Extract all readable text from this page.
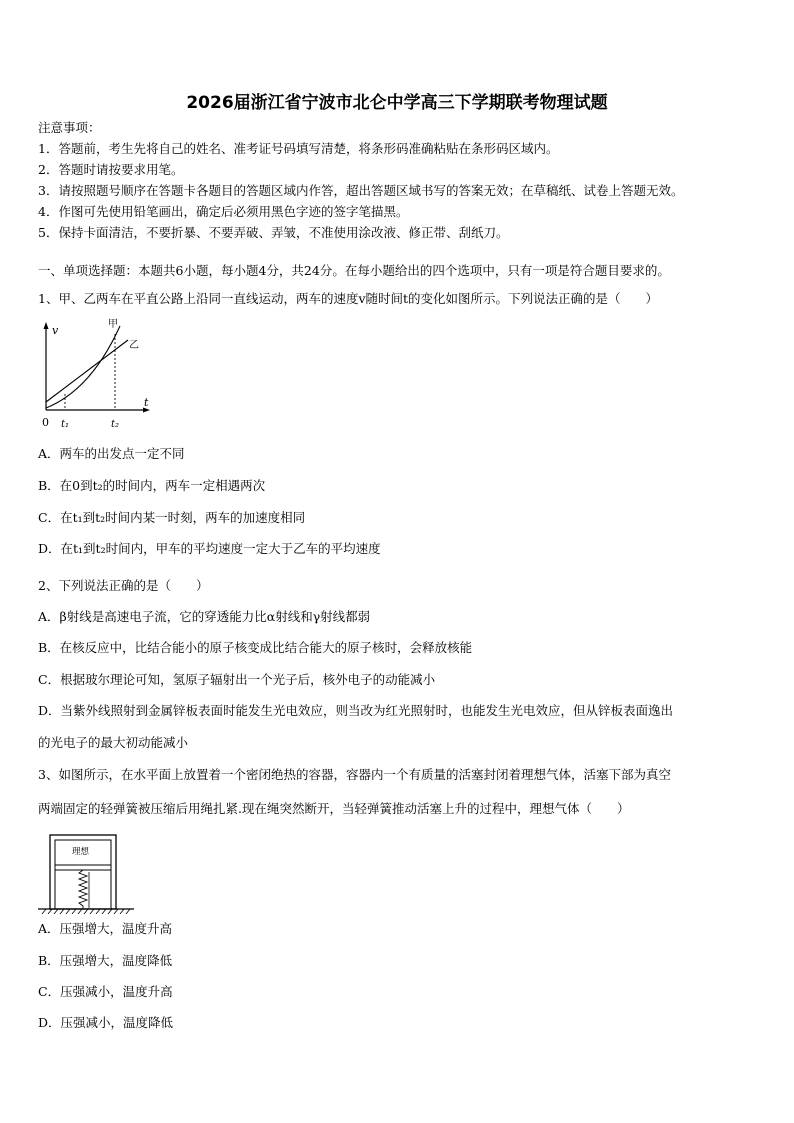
2026届浙江省宁波市北仑中学高三下学期联考物理试题
注意事项：
1．答题前，考生先将自己的姓名、准考证号码填写清楚，将条形码准确粘贴在条形码区域内。
2．答题时请按要求用笔。
3．请按照题号顺序在答题卡各题目的答题区域内作答，超出答题区域书写的答案无效；在草稿纸、试卷上答题无效。
4．作图可先使用铅笔画出，确定后必须用黑色字迹的签字笔描黑。
5．保持卡面清洁，不要折暴、不要弄破、弄皱，不准使用涂改液、修正带、刮纸刀。
一、单项选择题：本题共6小题，每小题4分，共24分。在每小题给出的四个选项中，只有一项是符合题目要求的。
1、甲、乙两车在平直公路上沿同一直线运动，两车的速度v随时间t的变化如图所示。下列说法正确的是（　　）
v
t
0 t₁	t₂
甲
乙
A．两车的出发点一定不同
B．在0到t₂的时间内，两车一定相遇两次
C．在t₁到t₂时间内某一时刻，两车的加速度相同
D．在t₁到t₂时间内，甲车的平均速度一定大于乙车的平均速度
2、下列说法正确的是（　　）
A．β射线是高速电子流，它的穿透能力比α射线和γ射线都弱
B．在核反应中，比结合能小的原子核变成比结合能大的原子核时，会释放核能
C．根据玻尔理论可知，氢原子辐射出一个光子后，核外电子的动能减小
D．当紫外线照射到金属锌板表面时能发生光电效应，则当改为红光照射时，也能发生光电效应，但从锌板表面逸出
的光电子的最大初动能减小
3、如图所示，在水平面上放置着一个密闭绝热的容器，容器内一个有质量的活塞封闭着理想气体，活塞下部为真空
两端固定的轻弹簧被压缩后用绳扎紧.现在绳突然断开，当轻弹簧推动活塞上升的过程中，理想气体（　　）
理想
A．压强增大，温度升高
B．压强增大，温度降低
C．压强减小，温度升高
D．压强减小，温度降低
